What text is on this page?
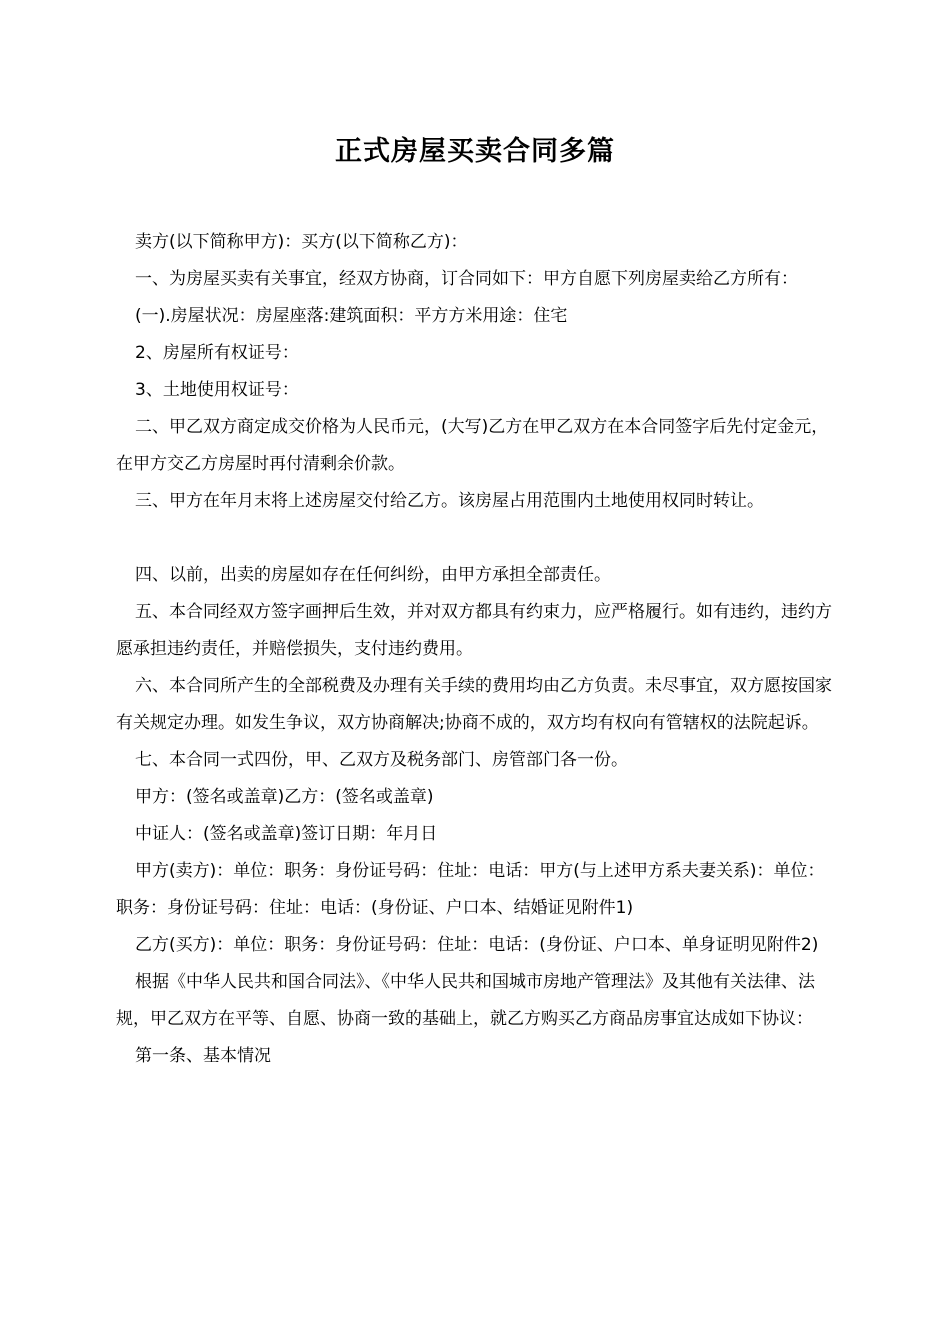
正式房屋买卖合同多篇

卖方(以下简称甲方)：买方(以下简称乙方)：

一、为房屋买卖有关事宜，经双方协商，订合同如下：甲方自愿下列房屋卖给乙方所有：

(一).房屋状况：房屋座落:建筑面积：平方方米用途：住宅

2、房屋所有权证号：

3、土地使用权证号：

二、甲乙双方商定成交价格为人民币元，(大写)乙方在甲乙双方在本合同签字后先付定金元，在甲方交乙方房屋时再付清剩余价款。

三、甲方在年月末将上述房屋交付给乙方。该房屋占用范围内土地使用权同时转让。

四、以前，出卖的房屋如存在任何纠纷，由甲方承担全部责任。

五、本合同经双方签字画押后生效，并对双方都具有约束力，应严格履行。如有违约，违约方愿承担违约责任，并赔偿损失，支付违约费用。

六、本合同所产生的全部税费及办理有关手续的费用均由乙方负责。未尽事宜，双方愿按国家有关规定办理。如发生争议，双方协商解决;协商不成的，双方均有权向有管辖权的法院起诉。

七、本合同一式四份，甲、乙双方及税务部门、房管部门各一份。

甲方：(签名或盖章)乙方：(签名或盖章)

中证人：(签名或盖章)签订日期：年月日

甲方(卖方)：单位：职务：身份证号码：住址：电话：甲方(与上述甲方系夫妻关系)：单位：职务：身份证号码：住址：电话：(身份证、户口本、结婚证见附件1)

乙方(买方)：单位：职务：身份证号码：住址：电话：(身份证、户口本、单身证明见附件2)

根据《中华人民共和国合同法》、《中华人民共和国城市房地产管理法》及其他有关法律、法规，甲乙双方在平等、自愿、协商一致的基础上，就乙方购买乙方商品房事宜达成如下协议：

第一条、基本情况
